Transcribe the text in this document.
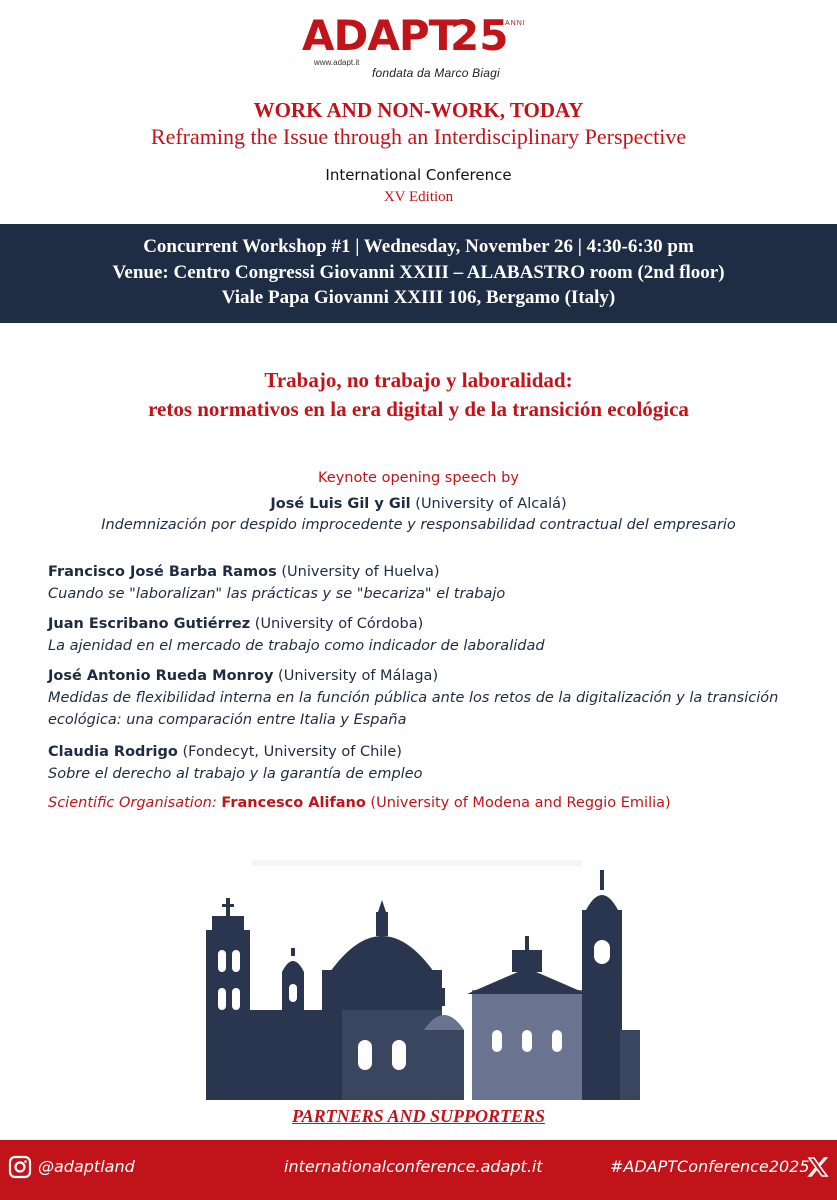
ADAPT
25
ANNI
www.adapt.it
fondata da Marco Biagi
WORK AND NON-WORK, TODAY
Reframing the Issue through an Interdisciplinary Perspective
International Conference
XV Edition
Concurrent Workshop #1 | Wednesday, November 26 | 4:30-6:30 pm
Venue: Centro Congressi Giovanni XXIII – ALABASTRO room (2nd floor)
Viale Papa Giovanni XXIII 106, Bergamo (Italy)
Trabajo, no trabajo y laboralidad:
retos normativos en la era digital y de la transición ecológica
Keynote opening speech by
José Luis Gil y Gil (University of Alcalá)
Indemnización por despido improcedente y responsabilidad contractual del empresario
Francisco José Barba Ramos (University of Huelva)
Cuando se "laboralizan" las prácticas y se "becariza" el trabajo
Juan Escribano Gutiérrez (University of Córdoba)
La ajenidad en el mercado de trabajo como indicador de laboralidad
José Antonio Rueda Monroy (University of Málaga)
Medidas de flexibilidad interna en la función pública ante los retos de la digitalización y la transición ecológica: una comparación entre Italia y España
Claudia Rodrigo (Fondecyt, University of Chile)
Sobre el derecho al trabajo y la garantía de empleo
Scientific Organisation: Francesco Alifano (University of Modena and Reggio Emilia)
PARTNERS AND SUPPORTERS
@adaptland	internationalconference.adapt.it	#ADAPTConference2025
